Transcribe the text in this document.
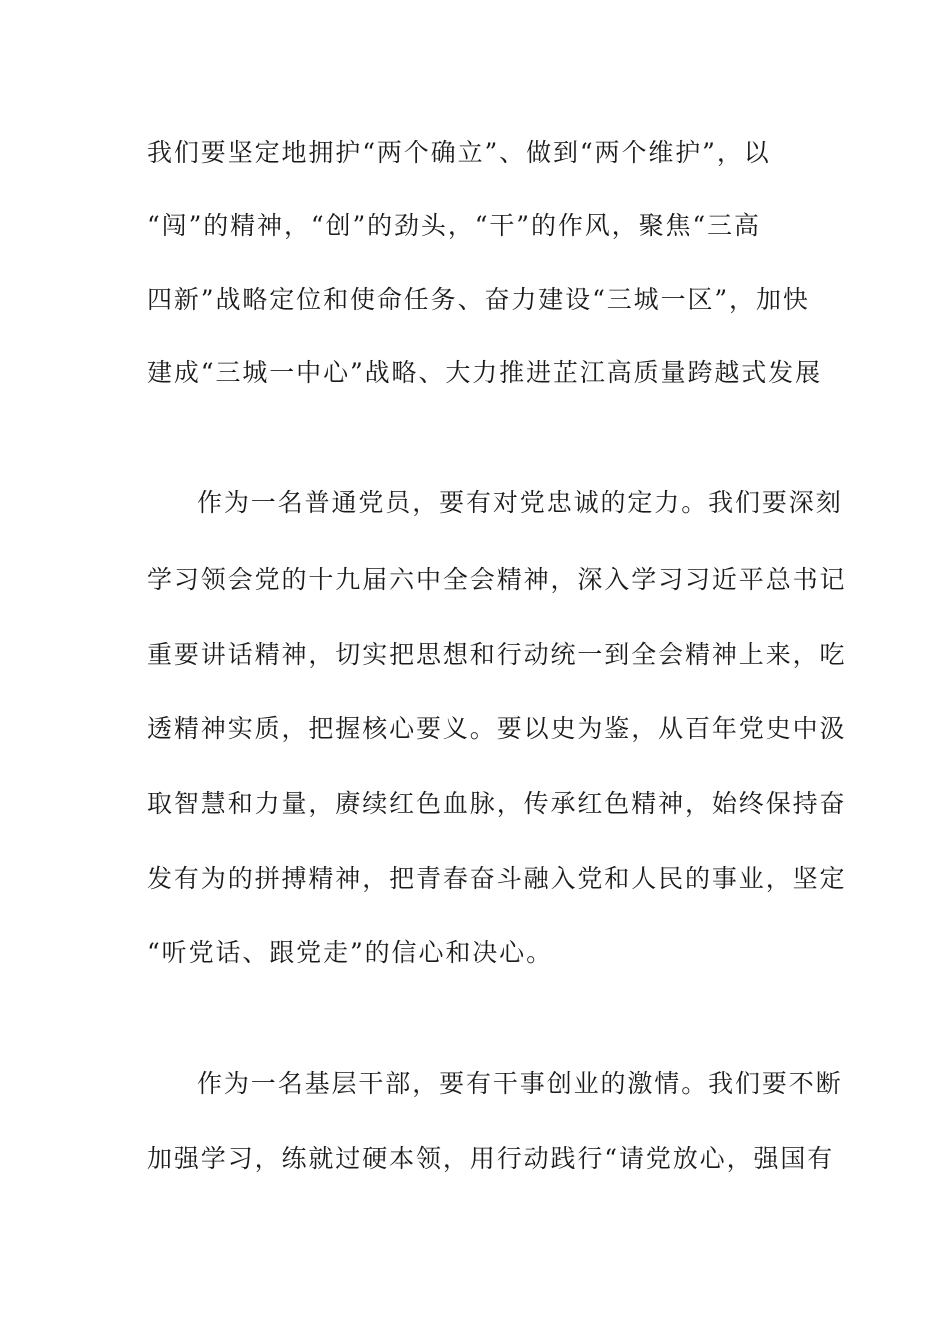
我们要坚定地拥护“两个确立”、做到“两个维护”，以
“闯”的精神，“创”的劲头，“干”的作风，聚焦“三高
四新”战略定位和使命任务、奋力建设“三城一区”，加快
建成“三城一中心”战略、大力推进芷江高质量跨越式发展
作为一名普通党员，要有对党忠诚的定力。我们要深刻
学习领会党的十九届六中全会精神，深入学习习近平总书记
重要讲话精神，切实把思想和行动统一到全会精神上来，吃
透精神实质，把握核心要义。要以史为鉴，从百年党史中汲
取智慧和力量，赓续红色血脉，传承红色精神，始终保持奋
发有为的拼搏精神，把青春奋斗融入党和人民的事业，坚定
“听党话、跟党走”的信心和决心。
作为一名基层干部，要有干事创业的激情。我们要不断
加强学习，练就过硬本领，用行动践行“请党放心，强国有
